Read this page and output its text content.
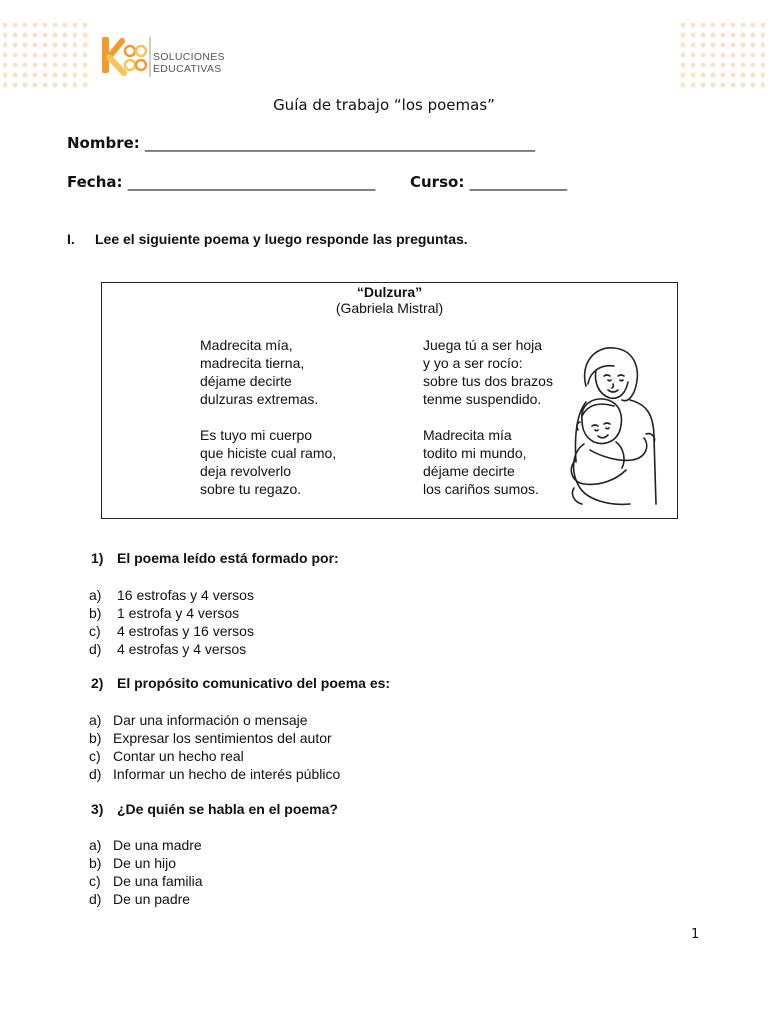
SOLUCIONES
EDUCATIVAS
Guía de trabajo “los poemas”
Nombre: ____________________________________________________
Fecha: _________________________________ Curso: _____________
I. Lee el siguiente poema y luego responde las preguntas.
“Dulzura”
(Gabriela Mistral)
Madrecita mía,
madrecita tierna,
déjame decirte
dulzuras extremas.
Es tuyo mi cuerpo
que hiciste cual ramo,
deja revolverlo
sobre tu regazo.
Juega tú a ser hoja
y yo a ser rocío:
sobre tus dos brazos
tenme suspendido.
Madrecita mía
todito mi mundo,
déjame decirte
los cariños sumos.
1) El poema leído está formado por:
a) 16 estrofas y 4 versos
b) 1 estrofa y 4 versos
c) 4 estrofas y 16 versos
d) 4 estrofas y 4 versos
2) El propósito comunicativo del poema es:
a) Dar una información o mensaje
b) Expresar los sentimientos del autor
c) Contar un hecho real
d) Informar un hecho de interés público
3) ¿De quién se habla en el poema?
a) De una madre
b) De un hijo
c) De una familia
d) De un padre
1
